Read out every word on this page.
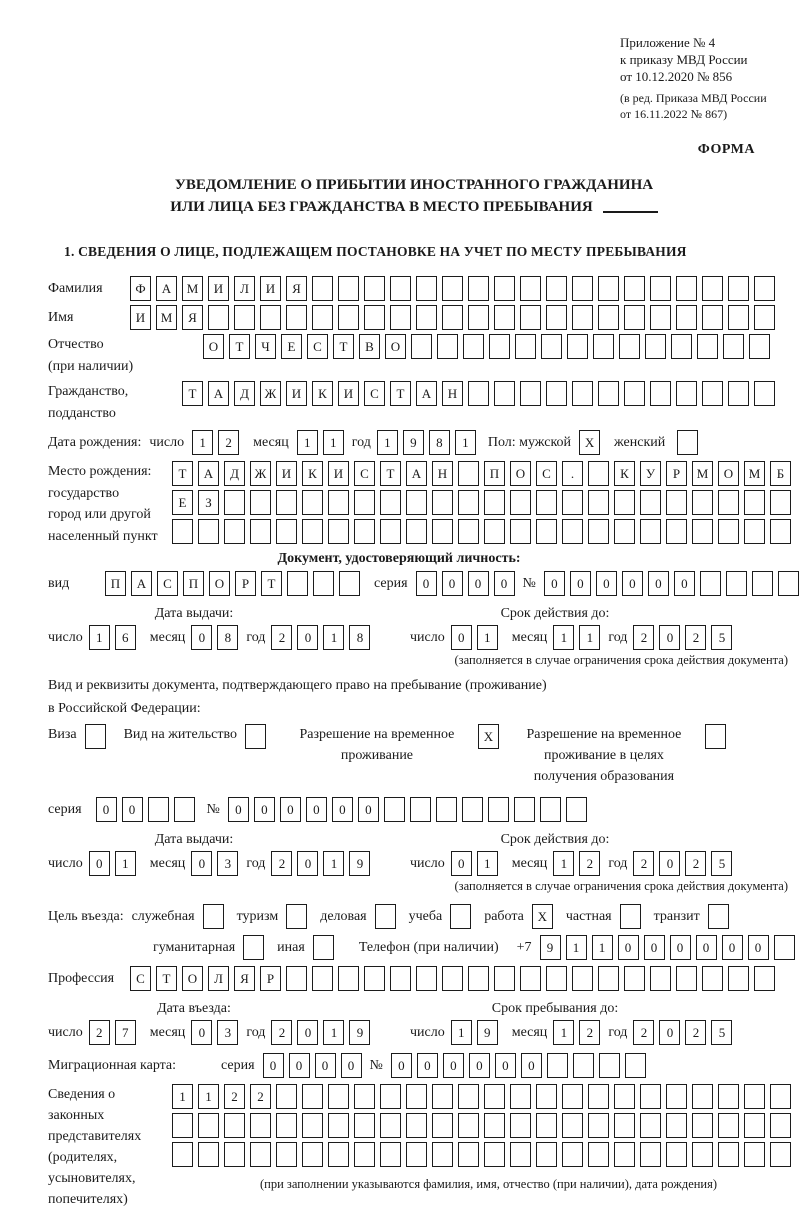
Приложение № 4
к приказу МВД России
от 10.12.2020 № 856
(в ред. Приказа МВД России
от 16.11.2022 № 867)
ФОРМА
УВЕДОМЛЕНИЕ О ПРИБЫТИИ ИНОСТРАННОГО ГРАЖДАНИНА
ИЛИ ЛИЦА БЕЗ ГРАЖДАНСТВА В МЕСТО ПРЕБЫВАНИЯ
1. СВЕДЕНИЯ О ЛИЦЕ, ПОДЛЕЖАЩЕМ ПОСТАНОВКЕ НА УЧЕТ ПО МЕСТУ ПРЕБЫВАНИЯ
Фамилия	Ф	А	М	И	Л	И	Я
Имя	И	М	Я
Отчество
(при наличии)
О	Т	Ч	Е	С	Т	В	О
Гражданство,
подданство
Т	А	Д	Ж	И	К	И	С	Т	А	Н
Дата рождения: число	1	2	месяц	1	1	год	1	9	8	1	Пол: мужской	X	женский
Место рождения:
государство
город или другой
населенный пункт
Т	А	Д	Ж	И	К	И	С	Т	А	Н	П	О	С	.	К	У	Р	М	О	М	Б
Е	З
Документ, удостоверяющий личность:
вид	П	А	С	П	О	Р	Т	серия	0	0	0	0	№	0	0	0	0	0	0
Дата выдачи:
число	1	6	месяц	0	8	год	2	0	1	8
Срок действия до:
число	0	1	месяц	1	1	год	2	0	2	5
(заполняется в случае ограничения срока действия документа)
Вид и реквизиты документа, подтверждающего право на пребывание (проживание)
в Российской Федерации:
Виза	Вид на жительство	Разрешение на временное проживание
X	Разрешение на временное проживание в целях получения образования
серия	0	0	№	0	0	0	0	0	0
Дата выдачи:
число	0	1	месяц	0	3	год	2	0	1	9
Срок действия до:
число	0	1	месяц	1	2	год	2	0	2	5
(заполняется в случае ограничения срока действия документа)
Цель въезда: служебная	туризм	деловая	учеба	работа	X	частная	транзит
гуманитарная	иная	Телефон (при наличии) +7	9	1	1	0	0	0	0	0	0
Профессия	С	Т	О	Л	Я	Р
Дата въезда:
число	2	7	месяц	0	3	год	2	0	1	9
Срок пребывания до:
число	1	9	месяц	1	2	год	2	0	2	5
Миграционная карта:	серия	0	0	0	0	№	0	0	0	0	0	0
Сведения о
законных
представителях
(родителях,
усыновителях,
попечителях)
1	1	2	2
(при заполнении указываются фамилия, имя, отчество (при наличии), дата рождения)
